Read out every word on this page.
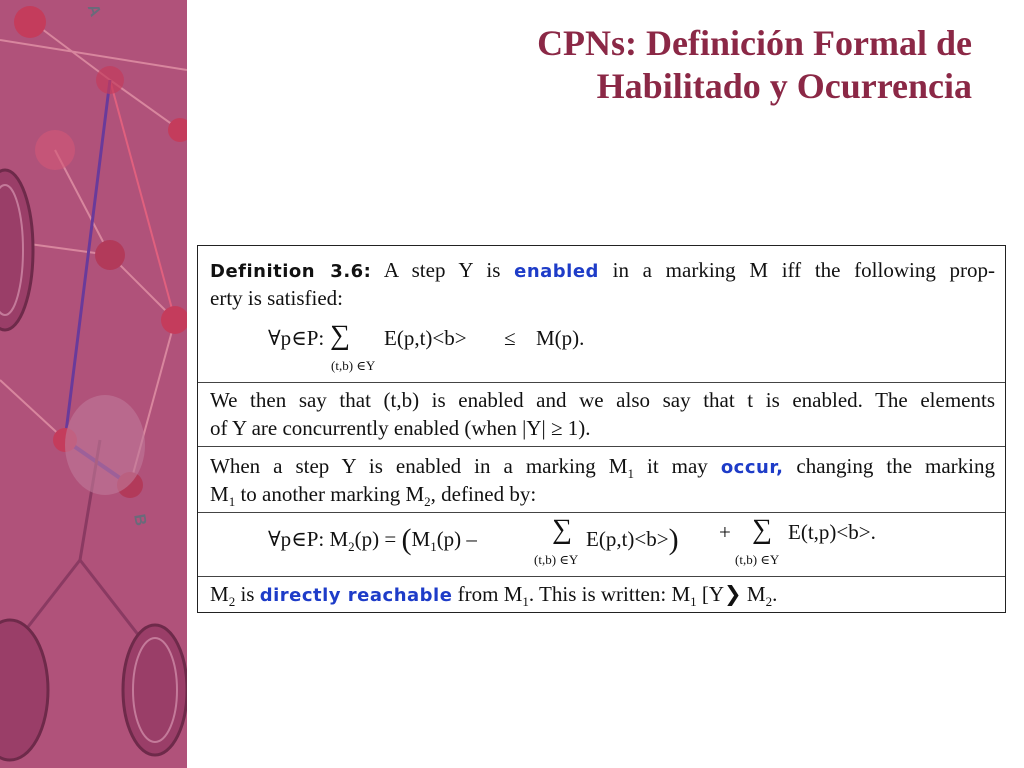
A
B
CPNs: Definición Formal de
Habilitado y Ocurrencia
Definition 3.6: A step Y is enabled in a marking M iff the following prop-
erty is satisfied:
∀p∈P: ∑ E(p,t)<b> ≤ M(p).
(t,b) ∈Y
We then say that (t,b) is enabled and we also say that t is enabled. The elements
of Y are concurrently enabled (when |Y| ≥ 1).
When a step Y is enabled in a marking $M_1$ it may occur, changing the marking
$M_1$ to another marking $M_2$, defined by:
∀p∈P: $M_2(p) = (M_1(p)$ –	∑ E(p,t)<b>) + ∑ E(t,p)<b>.
(t,b) ∈Y	(t,b) ∈Y
$M_2$ is directly reachable from $M_1$. This is written: $M_1$ [Y❯ $M_2$.
